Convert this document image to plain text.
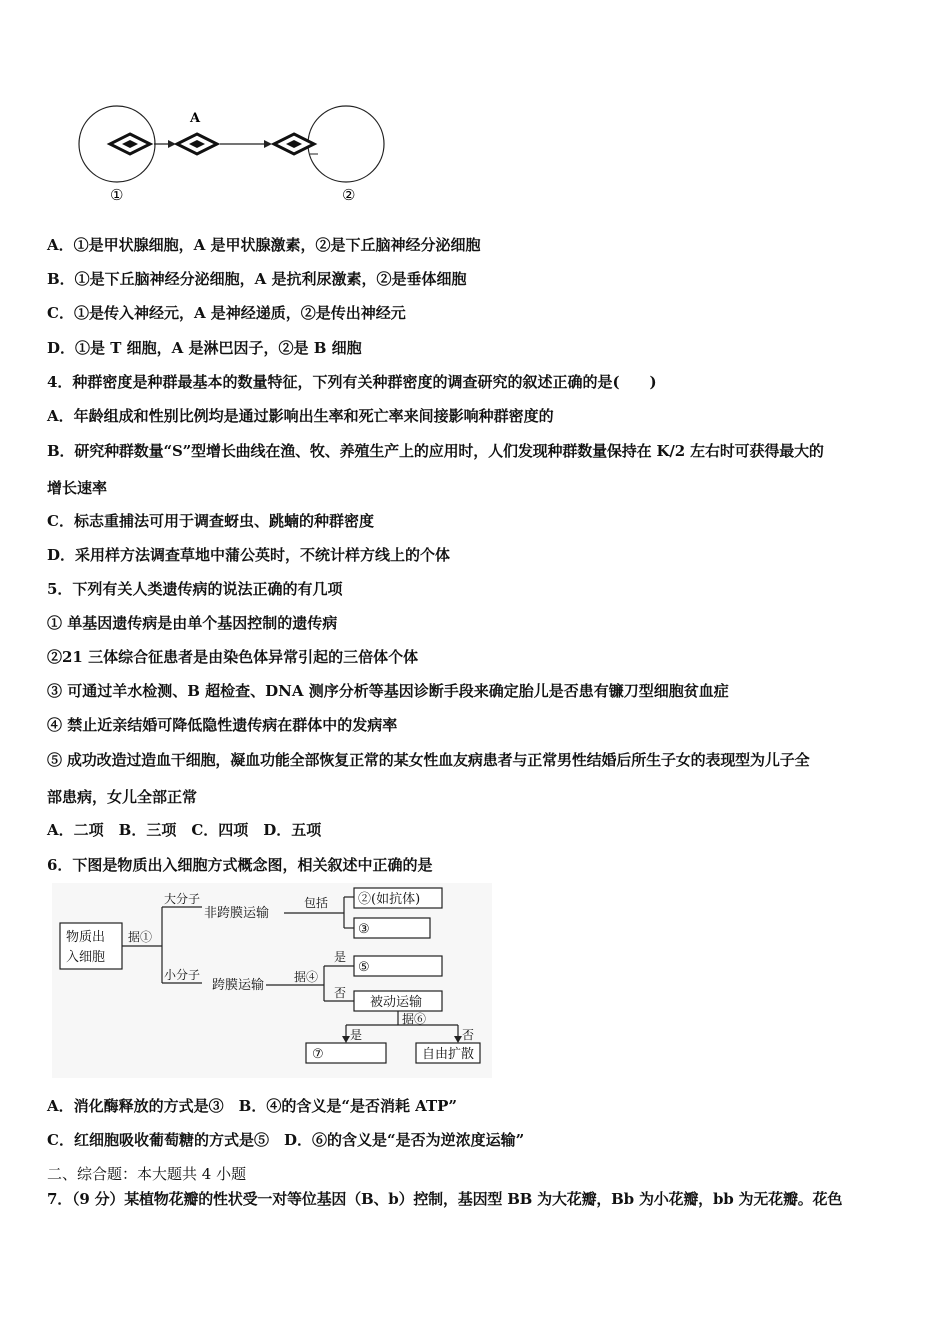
A
①	②
A．①是甲状腺细胞，A 是甲状腺激素，②是下丘脑神经分泌细胞
B．①是下丘脑神经分泌细胞，A 是抗利尿激素，②是垂体细胞
C．①是传入神经元，A 是神经递质，②是传出神经元
D．①是 T 细胞，A 是淋巴因子，②是 B 细胞
4．种群密度是种群最基本的数量特征，下列有关种群密度的调查研究的叙述正确的是(　　)
A．年龄组成和性别比例均是通过影响出生率和死亡率来间接影响种群密度的
B．研究种群数量“S”型增长曲线在渔、牧、养殖生产上的应用时，人们发现种群数量保持在 K/2 左右时可获得最大的
增长速率
C．标志重捕法可用于调查蚜虫、跳蝻的种群密度
D．采用样方法调查草地中蒲公英时，不统计样方线上的个体
5．下列有关人类遗传病的说法正确的有几项
① 单基因遗传病是由单个基因控制的遗传病
②21 三体综合征患者是由染色体异常引起的三倍体个体
③ 可通过羊水检测、B 超检查、DNA 测序分析等基因诊断手段来确定胎儿是否患有镰刀型细胞贫血症
④ 禁止近亲结婚可降低隐性遗传病在群体中的发病率
⑤ 成功改造过造血干细胞，凝血功能全部恢复正常的某女性血友病患者与正常男性结婚后所生子女的表现型为儿子全
部患病，女儿全部正常
A．二项　B．三项　C．四项　D．五项
6．下图是物质出入细胞方式概念图，相关叙述中正确的是
物质出
入细胞
据①
大分子
非跨膜运输
包括 ②(如抗体)
③
小分子
跨膜运输
据④
是
⑤
否
被动运输
据⑥
是	否
⑦	自由扩散
A．消化酶释放的方式是③　B．④的含义是“是否消耗 ATP”
C．红细胞吸收葡萄糖的方式是⑤　D．⑥的含义是“是否为逆浓度运输”
二、综合题：本大题共 4 小题
7．（9 分）某植物花瓣的性状受一对等位基因（B、b）控制，基因型 BB 为大花瓣，Bb 为小花瓣，bb 为无花瓣。花色
